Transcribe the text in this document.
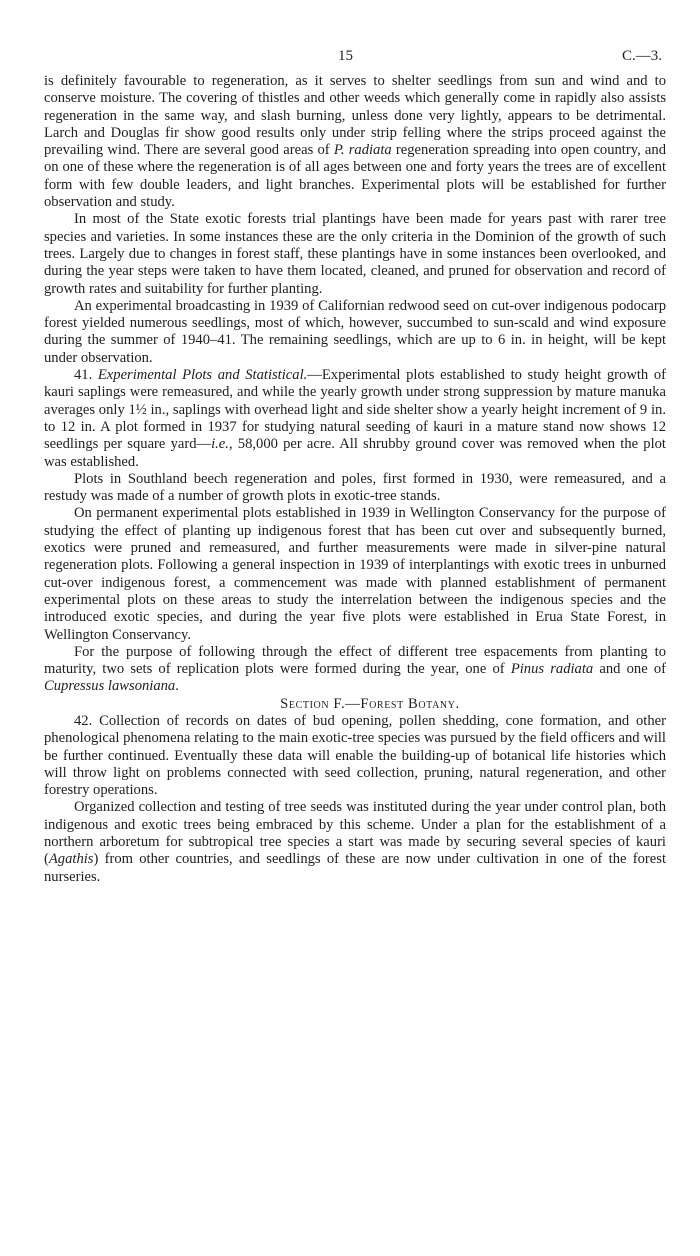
15	C.—3.

is definitely favourable to regeneration, as it serves to shelter seedlings from sun and wind and to conserve moisture. The covering of thistles and other weeds which generally come in rapidly also assists regeneration in the same way, and slash burning, unless done very lightly, appears to be detrimental. Larch and Douglas fir show good results only under strip felling where the strips proceed against the prevailing wind. There are several good areas of P. radiata regeneration spreading into open country, and on one of these where the regeneration is of all ages between one and forty years the trees are of excellent form with few double leaders, and light branches. Experimental plots will be established for further observation and study.

In most of the State exotic forests trial plantings have been made for years past with rarer tree species and varieties. In some instances these are the only criteria in the Dominion of the growth of such trees. Largely due to changes in forest staff, these plantings have in some instances been overlooked, and during the year steps were taken to have them located, cleaned, and pruned for observation and record of growth rates and suitability for further planting.

An experimental broadcasting in 1939 of Californian redwood seed on cut-over indigenous podocarp forest yielded numerous seedlings, most of which, however, succumbed to sun-scald and wind exposure during the summer of 1940–41. The remaining seedlings, which are up to 6 in. in height, will be kept under observation.

41. Experimental Plots and Statistical.—Experimental plots established to study height growth of kauri saplings were remeasured, and while the yearly growth under strong suppression by mature manuka averages only 1½ in., saplings with overhead light and side shelter show a yearly height increment of 9 in. to 12 in. A plot formed in 1937 for studying natural seeding of kauri in a mature stand now shows 12 seedlings per square yard—i.e., 58,000 per acre. All shrubby ground cover was removed when the plot was established.

Plots in Southland beech regeneration and poles, first formed in 1930, were remeasured, and a restudy was made of a number of growth plots in exotic-tree stands.

On permanent experimental plots established in 1939 in Wellington Conservancy for the purpose of studying the effect of planting up indigenous forest that has been cut over and subsequently burned, exotics were pruned and remeasured, and further measurements were made in silver-pine natural regeneration plots. Following a general inspection in 1939 of interplantings with exotic trees in unburned cut-over indigenous forest, a commencement was made with planned establishment of permanent experimental plots on these areas to study the interrelation between the indigenous species and the introduced exotic species, and during the year five plots were established in Erua State Forest, in Wellington Conservancy.

For the purpose of following through the effect of different tree espacements from planting to maturity, two sets of replication plots were formed during the year, one of Pinus radiata and one of Cupressus lawsoniana.

Section F.—Forest Botany.

42. Collection of records on dates of bud opening, pollen shedding, cone formation, and other phenological phenomena relating to the main exotic-tree species was pursued by the field officers and will be further continued. Eventually these data will enable the building-up of botanical life histories which will throw light on problems connected with seed collection, pruning, natural regeneration, and other forestry operations.

Organized collection and testing of tree seeds was instituted during the year under control plan, both indigenous and exotic trees being embraced by this scheme. Under a plan for the establishment of a northern arboretum for subtropical tree species a start was made by securing several species of kauri (Agathis) from other countries, and seedlings of these are now under cultivation in one of the forest nurseries.
